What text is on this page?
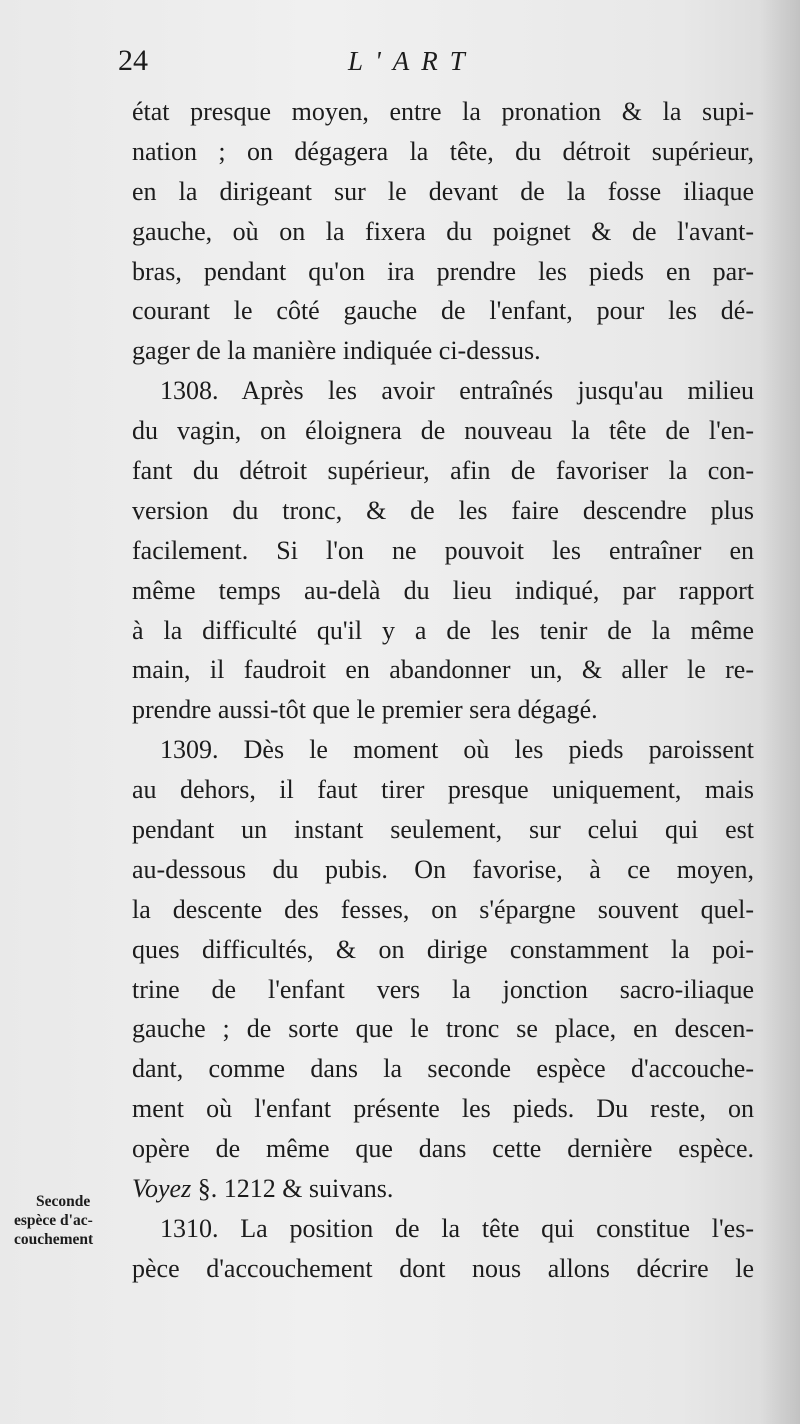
24	L'ART
état presque moyen, entre la pronation & la supi-
nation ; on dégagera la tête, du détroit supérieur,
en la dirigeant sur le devant de la fosse iliaque
gauche, où on la fixera du poignet & de l'avant-
bras, pendant qu'on ira prendre les pieds en par-
courant le côté gauche de l'enfant, pour les dé-
gager de la manière indiquée ci-dessus.
1308. Après les avoir entraînés jusqu'au milieu
du vagin, on éloignera de nouveau la tête de l'en-
fant du détroit supérieur, afin de favoriser la con-
version du tronc, & de les faire descendre plus
facilement. Si l'on ne pouvoit les entraîner en
même temps au-delà du lieu indiqué, par rapport
à la difficulté qu'il y a de les tenir de la même
main, il faudroit en abandonner un, & aller le re-
prendre aussi-tôt que le premier sera dégagé.
1309. Dès le moment où les pieds paroissent
au dehors, il faut tirer presque uniquement, mais
pendant un instant seulement, sur celui qui est
au-dessous du pubis. On favorise, à ce moyen,
la descente des fesses, on s'épargne souvent quel-
ques difficultés, & on dirige constamment la poi-
trine de l'enfant vers la jonction sacro-iliaque
gauche ; de sorte que le tronc se place, en descen-
dant, comme dans la seconde espèce d'accouche-
ment où l'enfant présente les pieds. Du reste, on
opère de même que dans cette dernière espèce.
Voyez §. 1212 & suivans.
1310. La position de la tête qui constitue l'es-
pèce d'accouchement dont nous allons décrire le
Seconde
espèce d'ac-
couchement
